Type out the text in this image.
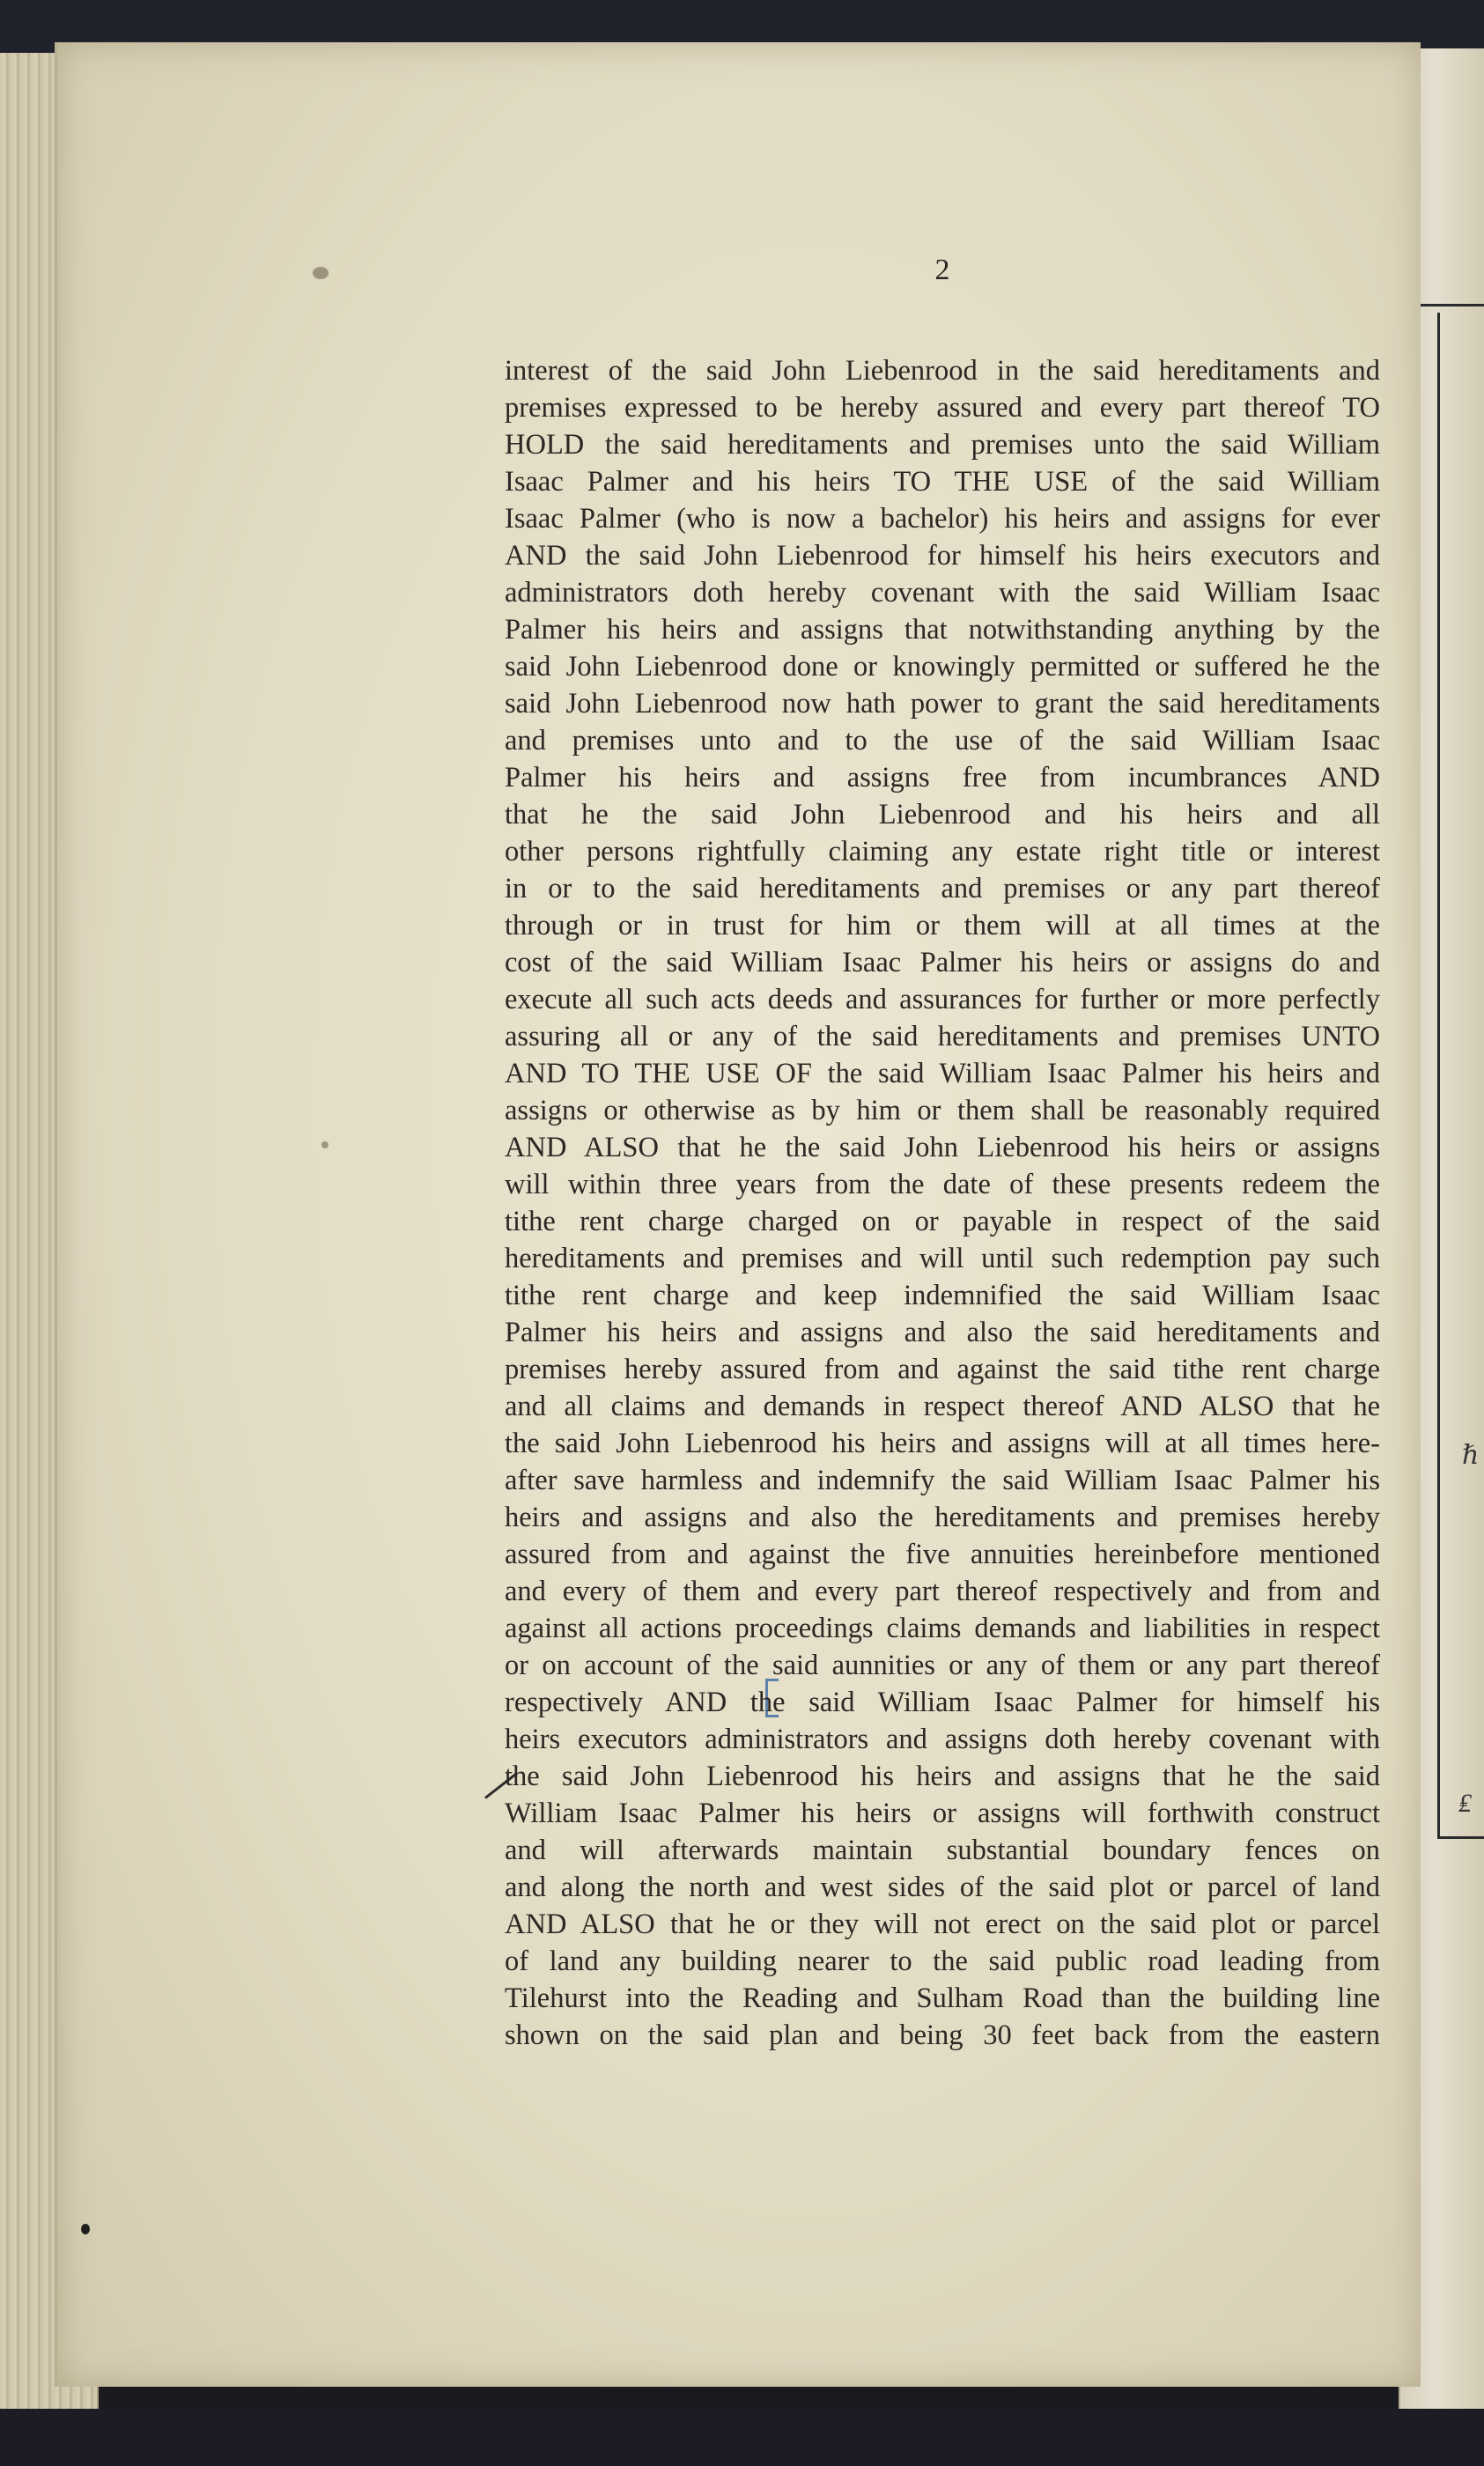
ℏ
₤
2
interest of the said John Liebenrood in the said hereditaments and
premises expressed to be hereby assured and every part thereof TO
HOLD the said hereditaments and premises unto the said William
Isaac Palmer and his heirs TO THE USE of the said William
Isaac Palmer (who is now a bachelor) his heirs and assigns for ever
AND the said John Liebenrood for himself his heirs executors and
administrators doth hereby covenant with the said William Isaac
Palmer his heirs and assigns that notwithstanding anything by the
said John Liebenrood done or knowingly permitted or suffered he the
said John Liebenrood now hath power to grant the said hereditaments
and premises unto and to the use of the said William Isaac
Palmer his heirs and assigns free from incumbrances AND
that he the said John Liebenrood and his heirs and all
other persons rightfully claiming any estate right title or interest
in or to the said hereditaments and premises or any part thereof
through or in trust for him or them will at all times at the
cost of the said William Isaac Palmer his heirs or assigns do and
execute all such acts deeds and assurances for further or more perfectly
assuring all or any of the said hereditaments and premises UNTO
AND TO THE USE OF the said William Isaac Palmer his heirs and
assigns or otherwise as by him or them shall be reasonably required
AND ALSO that he the said John Liebenrood his heirs or assigns
will within three years from the date of these presents redeem the
tithe rent charge charged on or payable in respect of the said
hereditaments and premises and will until such redemption pay such
tithe rent charge and keep indemnified the said William Isaac
Palmer his heirs and assigns and also the said hereditaments and
premises hereby assured from and against the said tithe rent charge
and all claims and demands in respect thereof AND ALSO that he
the said John Liebenrood his heirs and assigns will at all times here-
after save harmless and indemnify the said William Isaac Palmer his
heirs and assigns and also the hereditaments and premises hereby
assured from and against the five annuities hereinbefore mentioned
and every of them and every part thereof respectively and from and
against all actions proceedings claims demands and liabilities in respect
or on account of the said aunnities or any of them or any part thereof
respectively AND the said William Isaac Palmer for himself his
heirs executors administrators and assigns doth hereby covenant with
the said John Liebenrood his heirs and assigns that he the said
William Isaac Palmer his heirs or assigns will forthwith construct
and will afterwards maintain substantial boundary fences on
and along the north and west sides of the said plot or parcel of land
AND ALSO that he or they will not erect on the said plot or parcel
of land any building nearer to the said public road leading from
Tilehurst into the Reading and Sulham Road than the building line
shown on the said plan and being 30 feet back from the eastern
